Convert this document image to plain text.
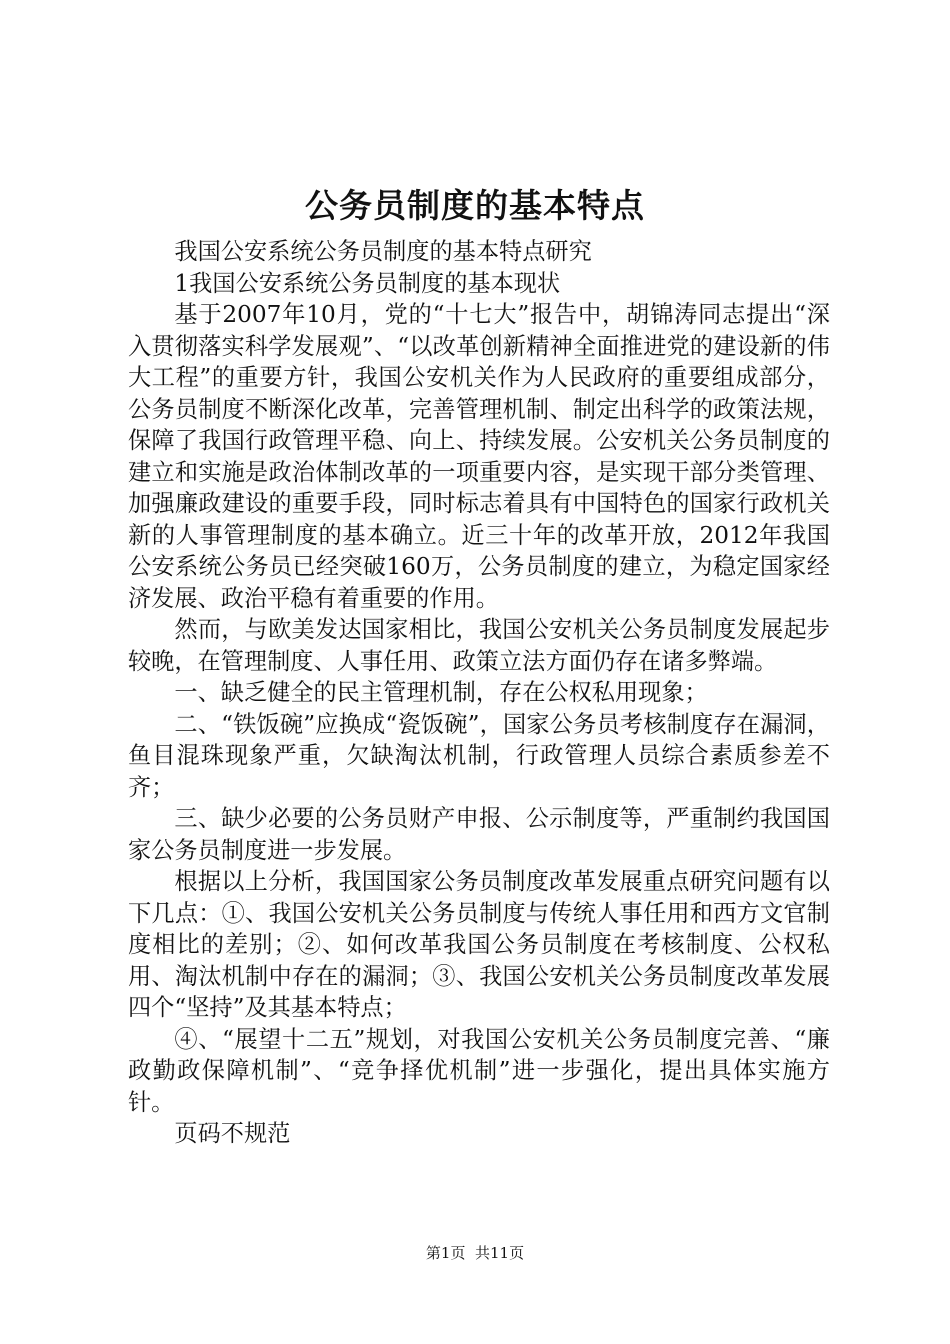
公务员制度的基本特点

我国公安系统公务员制度的基本特点研究

1我国公安系统公务员制度的基本现状

基于2007年10月，党的“十七大”报告中，胡锦涛同志提出“深入贯彻落实科学发展观”、“以改革创新精神全面推进党的建设新的伟大工程”的重要方针，我国公安机关作为人民政府的重要组成部分，公务员制度不断深化改革，完善管理机制、制定出科学的政策法规，保障了我国行政管理平稳、向上、持续发展。公安机关公务员制度的建立和实施是政治体制改革的一项重要内容，是实现干部分类管理、加强廉政建设的重要手段，同时标志着具有中国特色的国家行政机关新的人事管理制度的基本确立。近三十年的改革开放，2012年我国公安系统公务员已经突破160万，公务员制度的建立，为稳定国家经济发展、政治平稳有着重要的作用。

然而，与欧美发达国家相比，我国公安机关公务员制度发展起步较晚，在管理制度、人事任用、政策立法方面仍存在诸多弊端。

一、缺乏健全的民主管理机制，存在公权私用现象；

二、“铁饭碗”应换成“瓷饭碗”，国家公务员考核制度存在漏洞，鱼目混珠现象严重，欠缺淘汰机制，行政管理人员综合素质参差不齐；

三、缺少必要的公务员财产申报、公示制度等，严重制约我国国家公务员制度进一步发展。

根据以上分析，我国国家公务员制度改革发展重点研究问题有以下几点：①、我国公安机关公务员制度与传统人事任用和西方文官制度相比的差别；②、如何改革我国公务员制度在考核制度、公权私用、淘汰机制中存在的漏洞；③、我国公安机关公务员制度改革发展四个“坚持”及其基本特点；

④、“展望十二五”规划，对我国公安机关公务员制度完善、“廉政勤政保障机制”、“竞争择优机制”进一步强化，提出具体实施方针。

页码不规范

第1页  共11页
